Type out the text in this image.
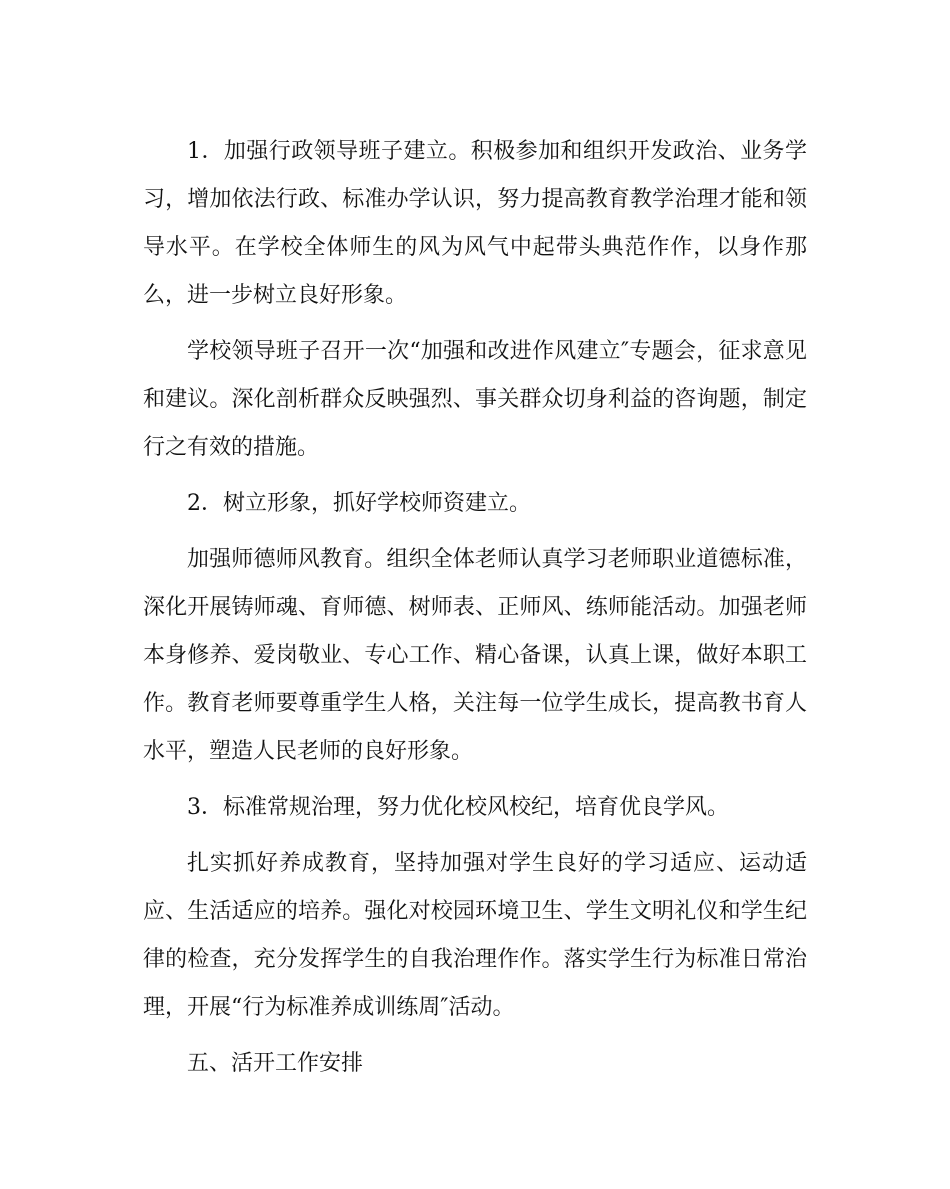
1．加强行政领导班子建立。积极参加和组织开发政治、业务学习，增加依法行政、标准办学认识，努力提高教育教学治理才能和领导水平。在学校全体师生的风为风气中起带头典范作作，以身作那么，进一步树立良好形象。

学校领导班子召开一次“加强和改进作风建立″专题会，征求意见和建议。深化剖析群众反映强烈、事关群众切身利益的咨询题，制定行之有效的措施。

2．树立形象，抓好学校师资建立。

加强师德师风教育。组织全体老师认真学习老师职业道德标准，深化开展铸师魂、育师德、树师表、正师风、练师能活动。加强老师本身修养、爱岗敬业、专心工作、精心备课，认真上课，做好本职工作。教育老师要尊重学生人格，关注每一位学生成长，提高教书育人水平，塑造人民老师的良好形象。

3．标准常规治理，努力优化校风校纪，培育优良学风。

扎实抓好养成教育，坚持加强对学生良好的学习适应、运动适应、生活适应的培养。强化对校园环境卫生、学生文明礼仪和学生纪律的检查，充分发挥学生的自我治理作作。落实学生行为标准日常治理，开展“行为标准养成训练周″活动。

五、活开工作安排
